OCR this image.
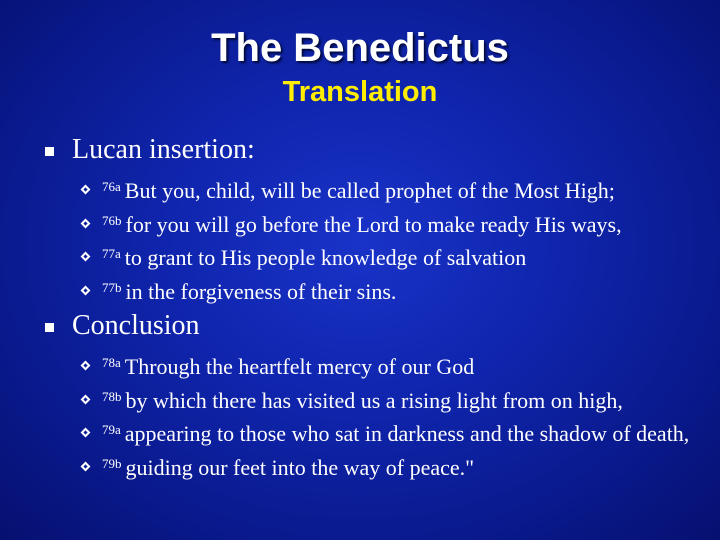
The Benedictus
Translation
Lucan insertion:
$^{76a}$ But you, child, will be called prophet of the Most High;
$^{76b}$ for you will go before the Lord to make ready His ways,
$^{77a}$ to grant to His people knowledge of salvation
$^{77b}$ in the forgiveness of their sins.
Conclusion
$^{78a}$ Through the heartfelt mercy of our God
$^{78b}$ by which there has visited us a rising light from on high,
$^{79a}$ appearing to those who sat in darkness and the shadow of death,
$^{79b}$ guiding our feet into the way of peace."
